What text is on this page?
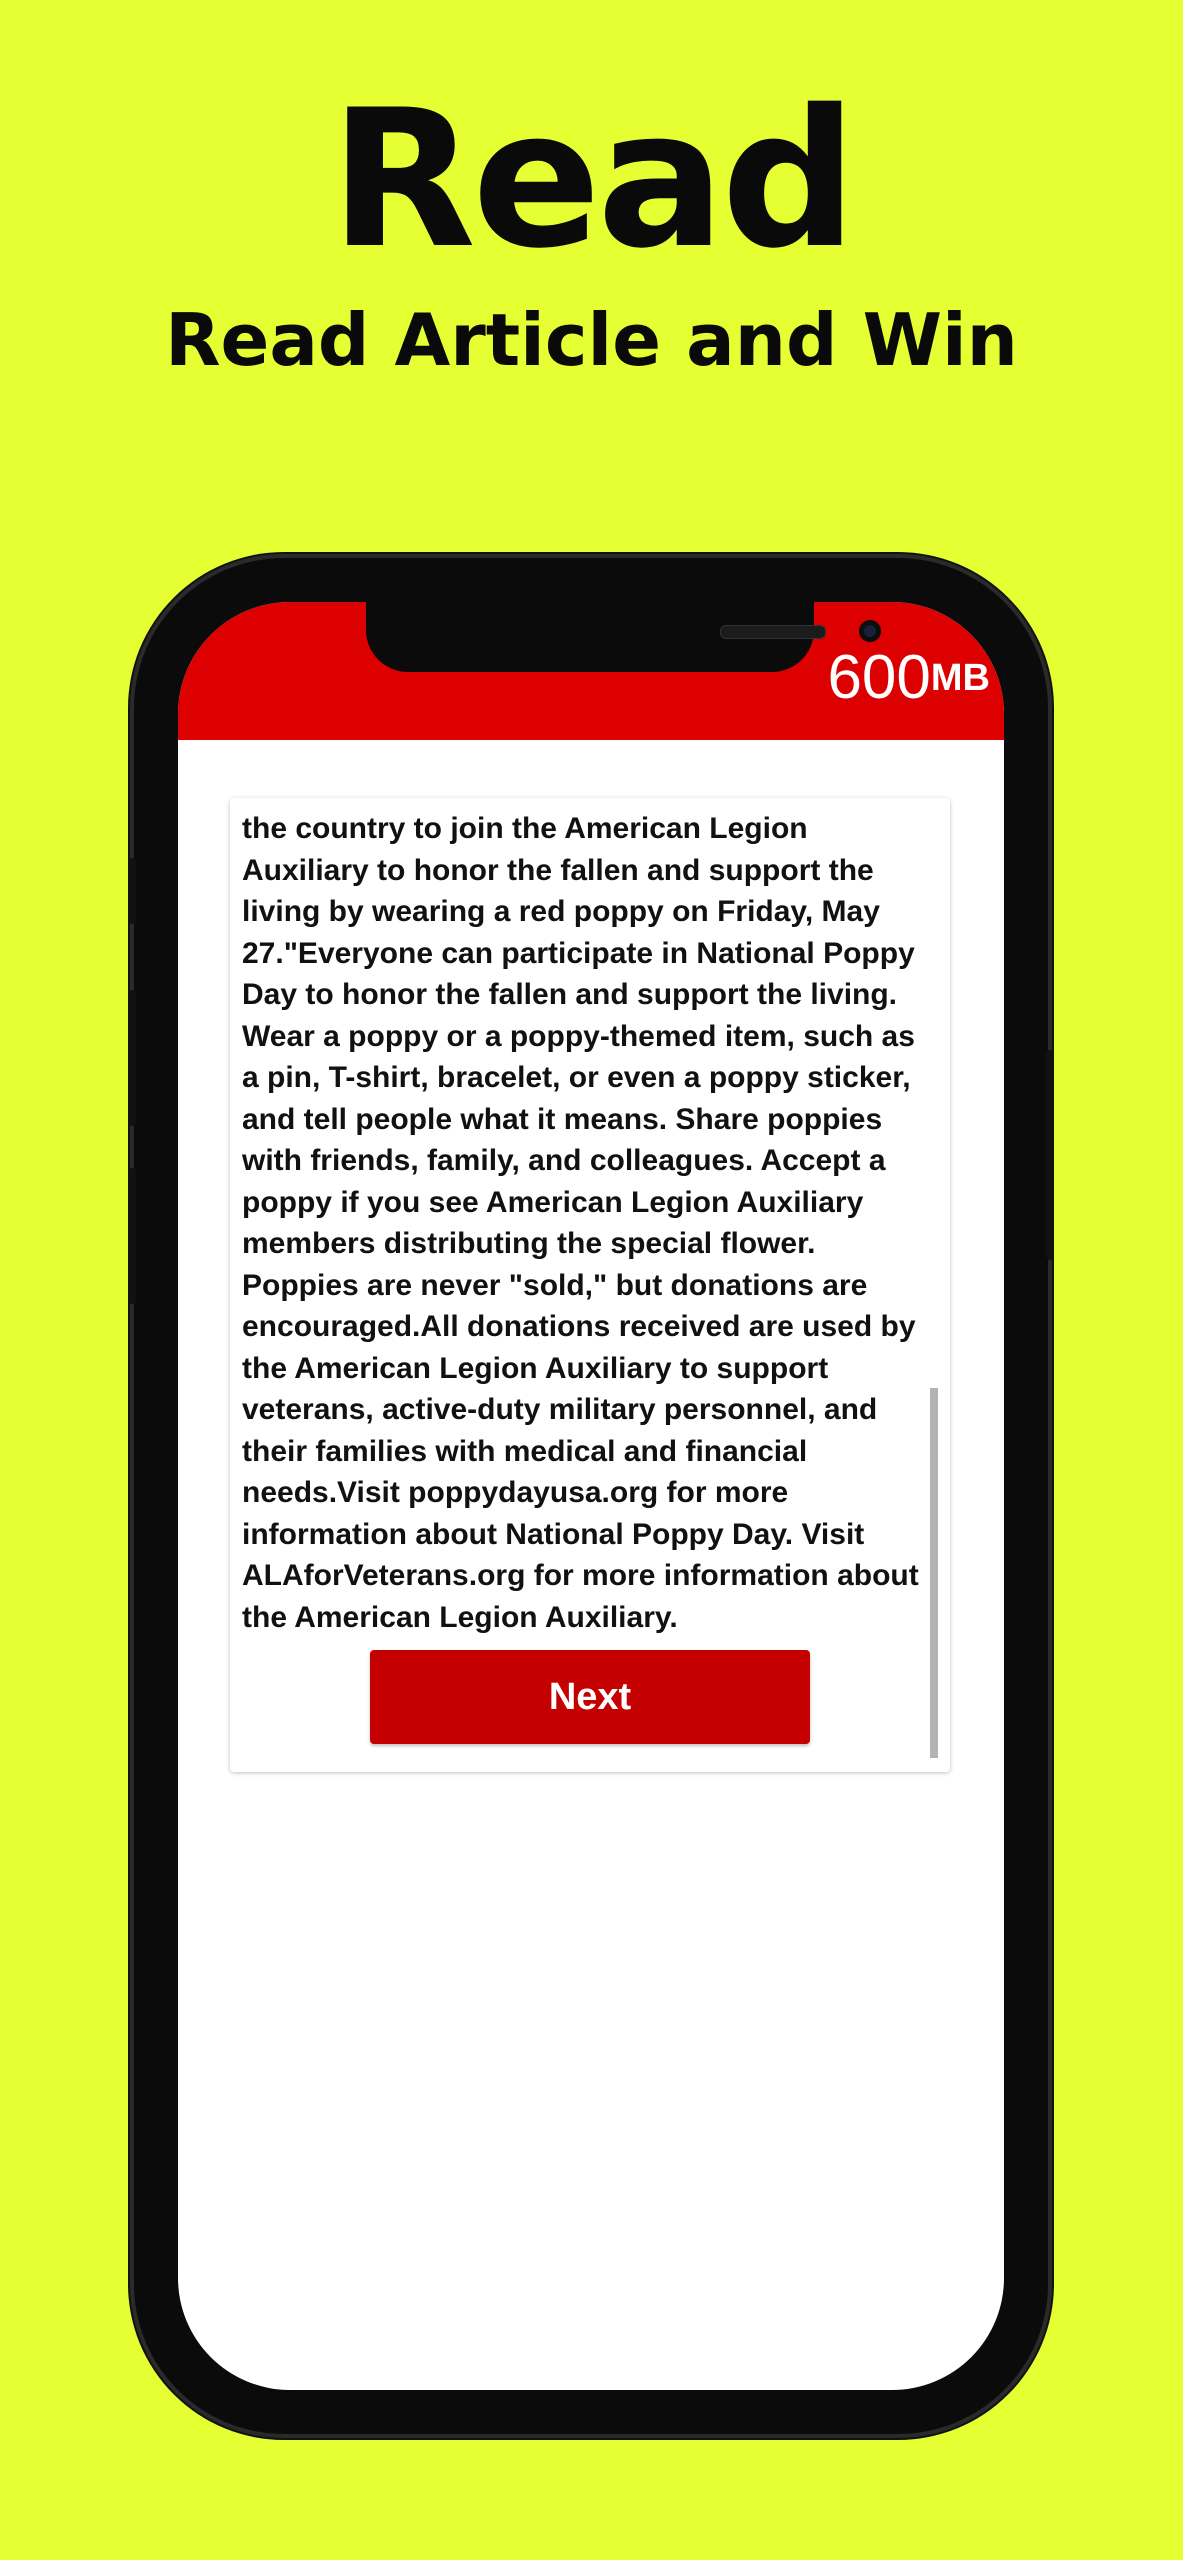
Read
Read Article and Win
600MB

the country to join the American Legion Auxiliary to honor the fallen and support the living by wearing a red poppy on Friday, May 27."Everyone can participate in National Poppy Day to honor the fallen and support the living. Wear a poppy or a poppy-themed item, such as a pin, T-shirt, bracelet, or even a poppy sticker, and tell people what it means. Share poppies with friends, family, and colleagues. Accept a poppy if you see American Legion Auxiliary members distributing the special flower. Poppies are never "sold," but donations are encouraged.All donations received are used by the American Legion Auxiliary to support veterans, active-duty military personnel, and their families with medical and financial needs.Visit poppydayusa.org for more information about National Poppy Day. Visit ALAforVeterans.org for more information about the American Legion Auxiliary.

Next
